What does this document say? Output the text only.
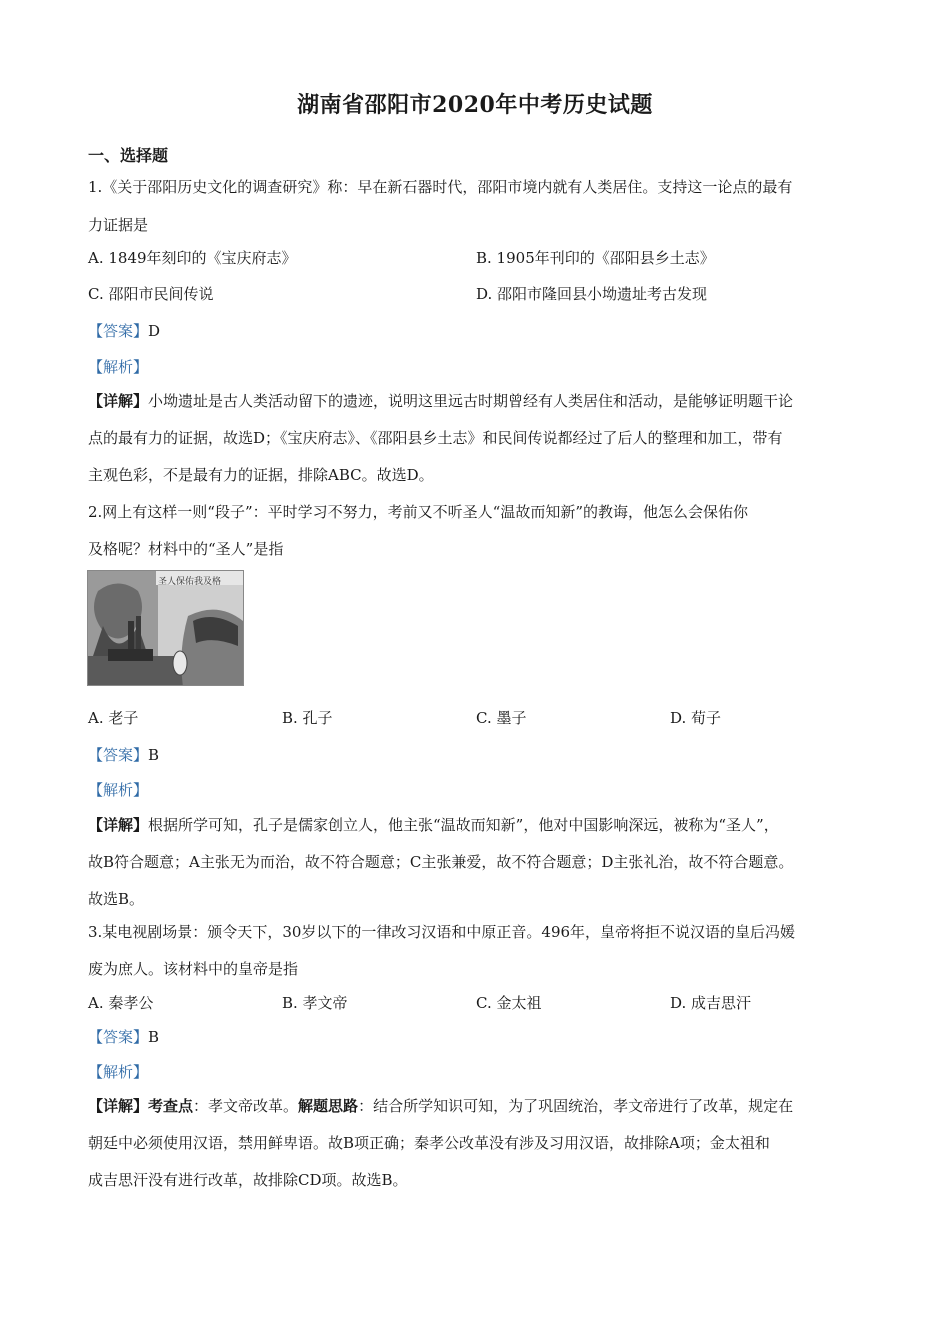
湖南省邵阳市2020年中考历史试题
一、选择题
1.《关于邵阳历史文化的调查研究》称：早在新石器时代，邵阳市境内就有人类居住。支持这一论点的最有
力证据是
A. 1849年刻印的《宝庆府志》	B. 1905年刊印的《邵阳县乡土志》
C. 邵阳市民间传说	D. 邵阳市隆回县小坳遗址考古发现
【答案】D
【解析】
【详解】小坳遗址是古人类活动留下的遗迹，说明这里远古时期曾经有人类居住和活动，是能够证明题干论
点的最有力的证据，故选D；《宝庆府志》、《邵阳县乡土志》和民间传说都经过了后人的整理和加工，带有
主观色彩，不是最有力的证据，排除ABC。故选D。
2.网上有这样一则“段子”：平时学习不努力，考前又不听圣人“温故而知新”的教诲，他怎么会保佑你
及格呢？材料中的“圣人”是指
圣人保佑我及格
A. 老子	B. 孔子	C. 墨子	D. 荀子
【答案】B
【解析】
【详解】根据所学可知，孔子是儒家创立人，他主张“温故而知新”，他对中国影响深远，被称为“圣人”，
故B符合题意；A主张无为而治，故不符合题意；C主张兼爱，故不符合题意；D主张礼治，故不符合题意。
故选B。
3.某电视剧场景：颁令天下，30岁以下的一律改习汉语和中原正音。496年，皇帝将拒不说汉语的皇后冯媛
废为庶人。该材料中的皇帝是指
A. 秦孝公	B. 孝文帝	C. 金太祖	D. 成吉思汗
【答案】B
【解析】
【详解】考查点：孝文帝改革。解题思路：结合所学知识可知，为了巩固统治，孝文帝进行了改革，规定在
朝廷中必须使用汉语，禁用鲜卑语。故B项正确；秦孝公改革没有涉及习用汉语，故排除A项；金太祖和
成吉思汗没有进行改革，故排除CD项。故选B。
